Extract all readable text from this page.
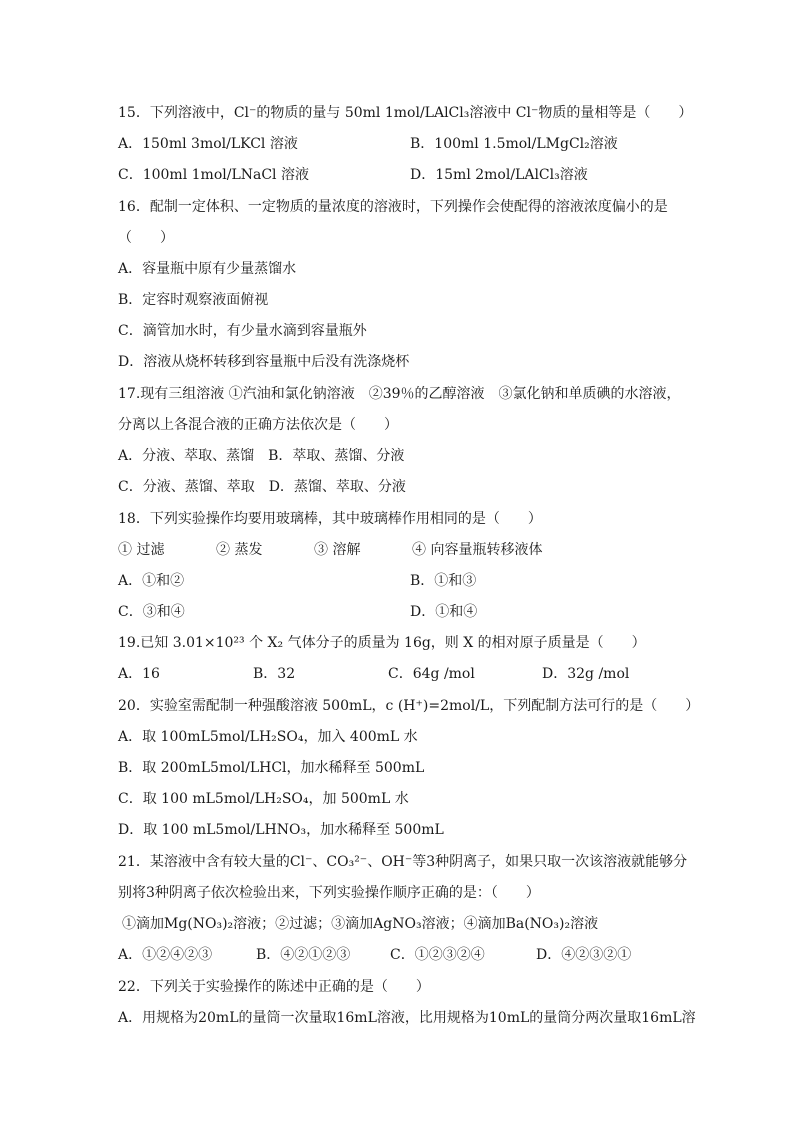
15．下列溶液中，Cl⁻的物质的量与 50ml 1mol/LAlCl₃溶液中 Cl⁻物质的量相等是（　　）
A．150ml 3mol/LKCl 溶液	B．100ml 1.5mol/LMgCl₂溶液
C．100ml 1mol/LNaCl 溶液	D．15ml 2mol/LAlCl₃溶液
16．配制一定体积、一定物质的量浓度的溶液时，下列操作会使配得的溶液浓度偏小的是
（　　）
A．容量瓶中原有少量蒸馏水
B．定容时观察液面俯视
C．滴管加水时，有少量水滴到容量瓶外
D．溶液从烧杯转移到容量瓶中后没有洗涤烧杯
17.现有三组溶液 ①汽油和氯化钠溶液　②39％的乙醇溶液　③氯化钠和单质碘的水溶液，
分离以上各混合液的正确方法依次是（　　）
A．分液、萃取、蒸馏　B．萃取、蒸馏、分液
C．分液、蒸馏、萃取　D．蒸馏、萃取、分液
18．下列实验操作均要用玻璃棒，其中玻璃棒作用相同的是（　　）
① 过滤	② 蒸发	③ 溶解	④ 向容量瓶转移液体
A．①和②	B．①和③
C．③和④	D．①和④
19.已知 3.01×10²³ 个 X₂ 气体分子的质量为 16g，则 X 的相对原子质量是（　　）
A．16	B．32	C．64g /mol	D．32g /mol
20．实验室需配制一种强酸溶液 500mL，c (H⁺)=2mol/L，下列配制方法可行的是（　　）
A．取 100mL5mol/LH₂SO₄，加入 400mL 水
B．取 200mL5mol/LHCl，加水稀释至 500mL
C．取 100 mL5mol/LH₂SO₄，加 500mL 水
D．取 100 mL5mol/LHNO₃，加水稀释至 500mL
21．某溶液中含有较大量的Cl⁻、CO₃²⁻、OH⁻等3种阴离子，如果只取一次该溶液就能够分
别将3种阴离子依次检验出来，下列实验操作顺序正确的是：（　　）
①滴加Mg(NO₃)₂溶液；②过滤；③滴加AgNO₃溶液；④滴加Ba(NO₃)₂溶液
A．①②④②③	B．④②①②③	C．①②③②④	D．④②③②①
22．下列关于实验操作的陈述中正确的是（　　）
A．用规格为20mL的量筒一次量取16mL溶液，比用规格为10mL的量筒分两次量取16mL溶
